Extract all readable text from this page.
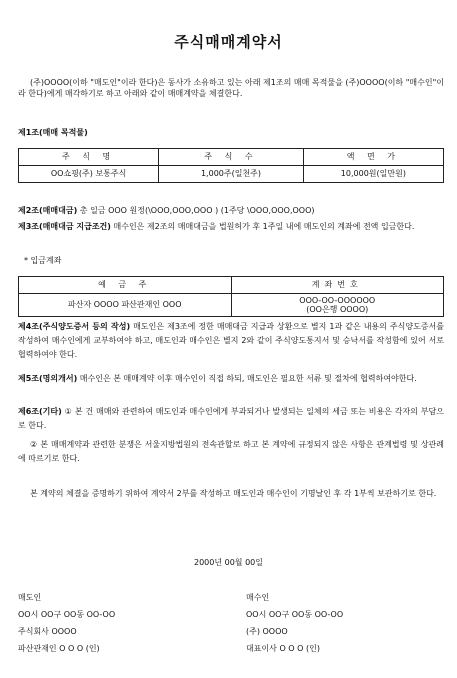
주식매매계약서
(주)OOOO(이하 "매도인"이라 한다)은 동사가 소유하고 있는 아래 제1조의 매매 목적물을 (주)OOOO(이하 "매수인"이라 한다)에게 매각하기로 하고 아래와 같이 매매계약을 체결한다.
제1조(매매 목적물)
주 식 명	주 식 수	액 면 가
OO쇼핑(주) 보통주식	1,000주(일천주)	10,000원(일만원)
제2조(매매대금) 총 일금 OOO 원정(\OOO,OOO,OOO ) (1주당 \OOO,OOO,OOO)
제3조(매매대금 지급조건) 매수인은 제2조의 매매대금을 법원허가 후 1주일 내에 매도인의 계좌에 전액 입금한다.
* 입금계좌
예 금 주	계좌번호
파산자 OOOO 파산관재인 OOO	OOO-OO-OOOOOO
(OO은행 OOOO)
제4조(주식양도증서 등의 작성) 매도인은 제3조에 정한 매매대금 지급과 상환으로 별지 1과 같은 내용의 주식양도증서를 작성하여 매수인에게 교부하여야 하고, 매도인과 매수인은 별지 2와 같이 주식양도통지서 및 승낙서를 작성함에 있어 서로 협력하여야 한다.
제5조(명의개서) 매수인은 본 매매계약 이후 매수인이 직접 하되, 매도인은 필요한 서류 및 절차에 협력하여야한다.
제6조(기타) ① 본 건 매매와 관련하여 매도인과 매수인에게 부과되거나 발생되는 일체의 세금 또는 비용은 각자의 부담으로 한다.
② 본 매매계약과 관련한 분쟁은 서울지방법원의 전속관할로 하고 본 계약에 규정되지 않은 사항은 관계법령 및 상관례에 따르기로 한다.
본 계약의 체결을 증명하기 위하여 계약서 2부를 작성하고 매도인과 매수인이 기명날인 후 각 1부씩 보관하기로 한다.
2000년 00월 00일
매도인
OO시 OO구 OO동 OO-OO
주식회사 OOOO
파산관재인 O O O (인)
매수인
OO시 OO구 OO동 OO-OO
(주) OOOO
대표이사 O O O (인)
